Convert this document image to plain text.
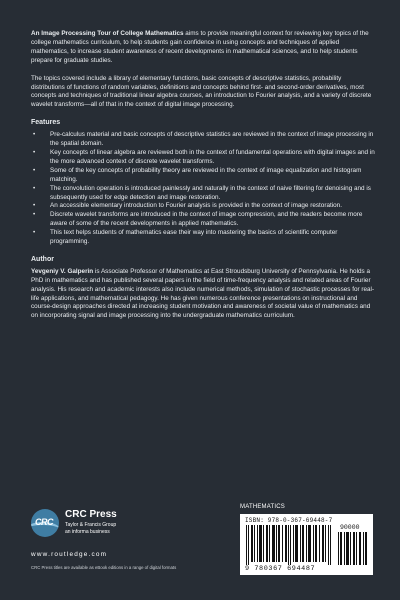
An Image Processing Tour of College Mathematics aims to provide meaningful context for reviewing key topics of the college mathematics curriculum, to help students gain confidence in using concepts and techniques of applied mathematics, to increase student awareness of recent developments in mathematical sciences, and to help students prepare for graduate studies.

The topics covered include a library of elementary functions, basic concepts of descriptive statistics, probability distributions of functions of random variables, definitions and concepts behind first- and second-order derivatives, most concepts and techniques of traditional linear algebra courses, an introduction to Fourier analysis, and a variety of discrete wavelet transforms—all of that in the context of digital image processing.

Features
• Pre-calculus material and basic concepts of descriptive statistics are reviewed in the context of image processing in the spatial domain.
• Key concepts of linear algebra are reviewed both in the context of fundamental operations with digital images and in the more advanced context of discrete wavelet transforms.
• Some of the key concepts of probability theory are reviewed in the context of image equalization and histogram matching.
• The convolution operation is introduced painlessly and naturally in the context of naive filtering for denoising and is subsequently used for edge detection and image restoration.
• An accessible elementary introduction to Fourier analysis is provided in the context of image restoration.
• Discrete wavelet transforms are introduced in the context of image compression, and the readers become more aware of some of the recent developments in applied mathematics.
• This text helps students of mathematics ease their way into mastering the basics of scientific computer programming.
Author

Yevgeniy V. Galperin is Associate Professor of Mathematics at East Stroudsburg University of Pennsylvania. He holds a PhD in mathematics and has published several papers in the field of time-frequency analysis and related areas of Fourier analysis. His research and academic interests also include numerical methods, simulation of stochastic processes for real-life applications, and mathematical pedagogy. He has given numerous conference presentations on instructional and course-design approaches directed at increasing student motivation and awareness of societal value of mathematics and on incorporating signal and image processing into the undergraduate mathematics curriculum.

CRC
CRC Press
Taylor & Francis Group
an informa business
www.routledge.com
CRC Press titles are available as eBook editions in a range of digital formats
MATHEMATICS
ISBN: 978-0-367-69448-7
90000
9 780367 694487
